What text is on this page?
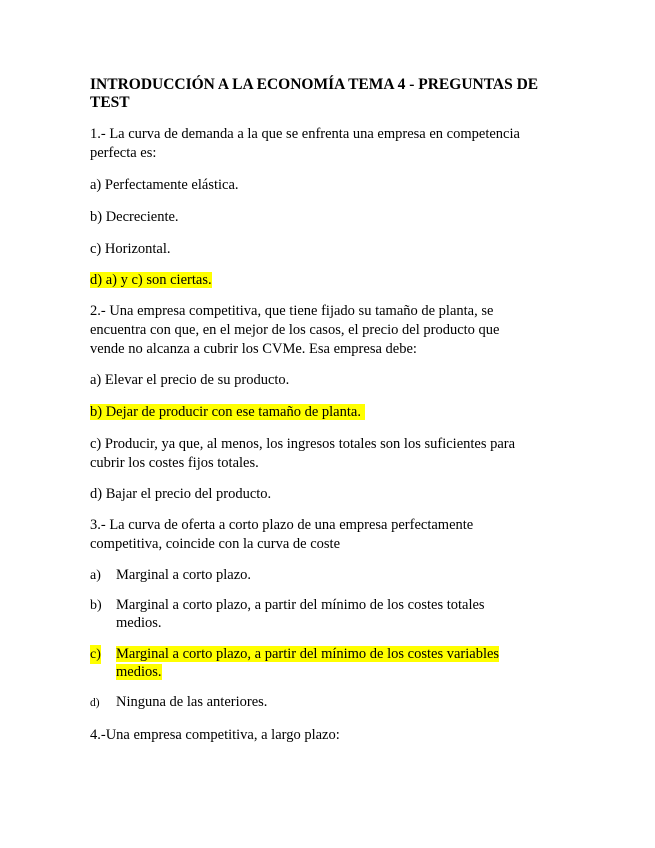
INTRODUCCIÓN A LA ECONOMÍA TEMA 4 - PREGUNTAS DE
TEST

1.- La curva de demanda a la que se enfrenta una empresa en competencia
perfecta es:

a) Perfectamente elástica.

b) Decreciente.

c) Horizontal.

d) a) y c) son ciertas.

2.- Una empresa competitiva, que tiene fijado su tamaño de planta, se
encuentra con que, en el mejor de los casos, el precio del producto que
vende no alcanza a cubrir los CVMe. Esa empresa debe:

a) Elevar el precio de su producto.

b) Dejar de producir con ese tamaño de planta.

c) Producir, ya que, al menos, los ingresos totales son los suficientes para
cubrir los costes fijos totales.

d) Bajar el precio del producto.

3.- La curva de oferta a corto plazo de una empresa perfectamente
competitiva, coincide con la curva de coste

a) Marginal a corto plazo.
b) Marginal a corto plazo, a partir del mínimo de los costes totales
medios.
c) Marginal a corto plazo, a partir del mínimo de los costes variables
medios.
d) Ninguna de las anteriores.

4.-Una empresa competitiva, a largo plazo:
